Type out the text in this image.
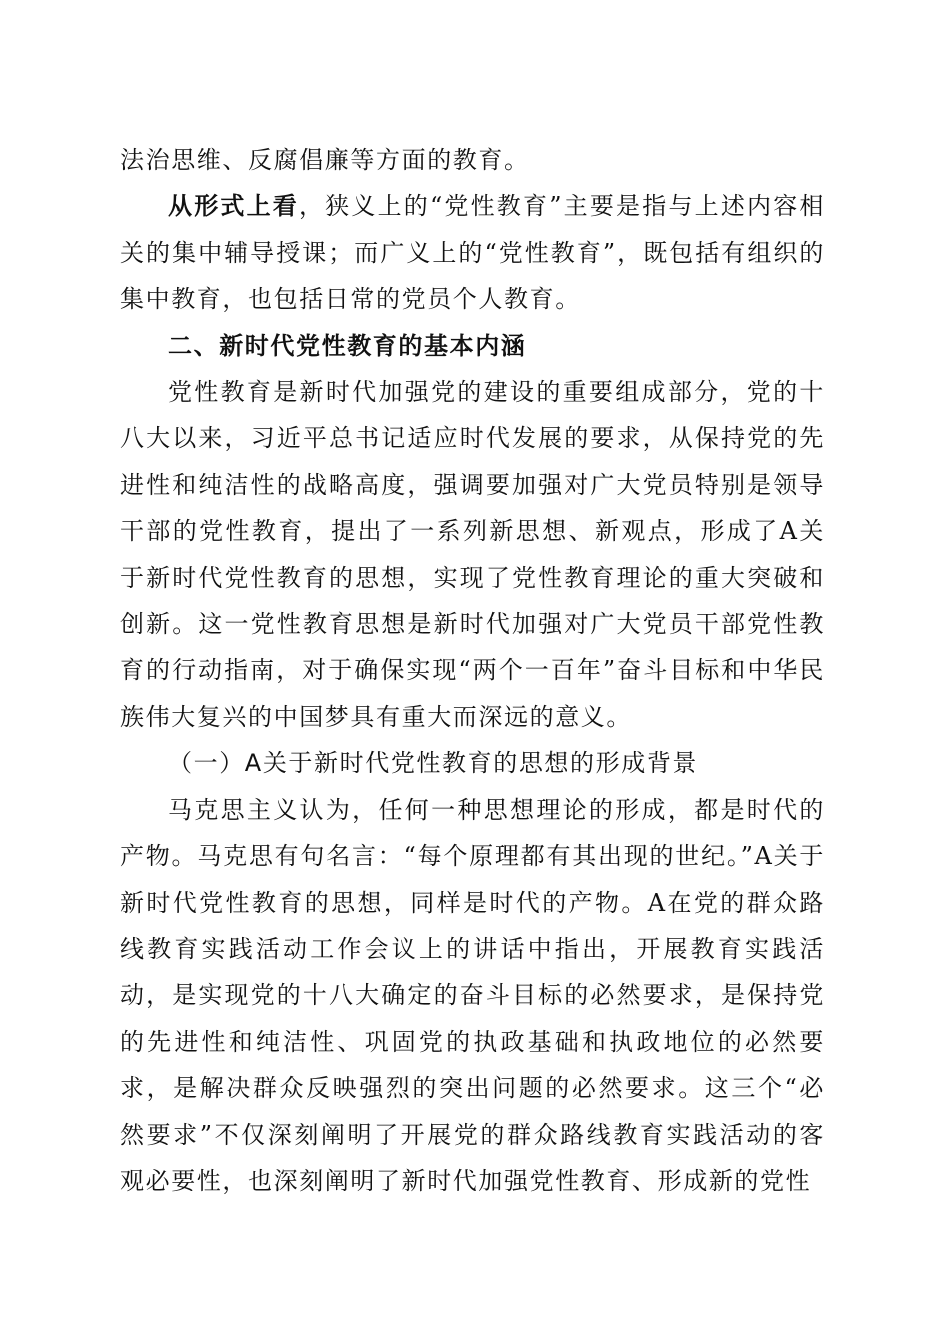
法治思维、反腐倡廉等方面的教育。

从形式上看，狭义上的“党性教育”主要是指与上述内容相关的集中辅导授课；而广义上的“党性教育”，既包括有组织的集中教育，也包括日常的党员个人教育。

二、新时代党性教育的基本内涵

党性教育是新时代加强党的建设的重要组成部分，党的十八大以来，习近平总书记适应时代发展的要求，从保持党的先进性和纯洁性的战略高度，强调要加强对广大党员特别是领导干部的党性教育，提出了一系列新思想、新观点，形成了A关于新时代党性教育的思想，实现了党性教育理论的重大突破和创新。这一党性教育思想是新时代加强对广大党员干部党性教育的行动指南，对于确保实现“两个一百年”奋斗目标和中华民族伟大复兴的中国梦具有重大而深远的意义。

（一）A关于新时代党性教育的思想的形成背景

马克思主义认为，任何一种思想理论的形成，都是时代的产物。马克思有句名言：“每个原理都有其出现的世纪。”A关于新时代党性教育的思想，同样是时代的产物。A在党的群众路线教育实践活动工作会议上的讲话中指出，开展教育实践活动，是实现党的十八大确定的奋斗目标的必然要求，是保持党的先进性和纯洁性、巩固党的执政基础和执政地位的必然要求，是解决群众反映强烈的突出问题的必然要求。这三个“必然要求”不仅深刻阐明了开展党的群众路线教育实践活动的客观必要性，也深刻阐明了新时代加强党性教育、形成新的党性
